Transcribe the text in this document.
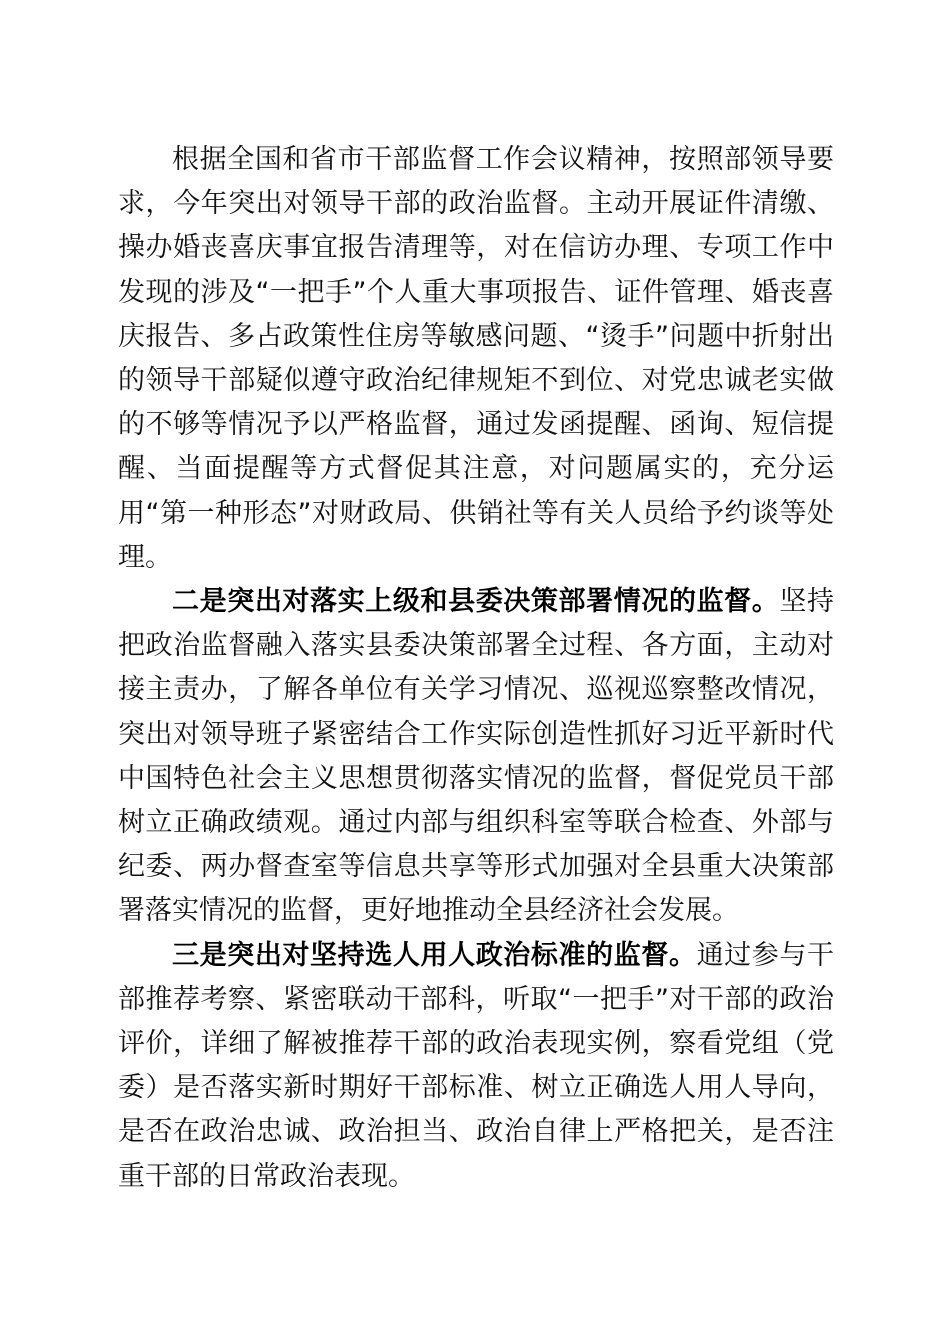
根据全国和省市干部监督工作会议精神，按照部领导要求，今年突出对领导干部的政治监督。主动开展证件清缴、操办婚丧喜庆事宜报告清理等，对在信访办理、专项工作中发现的涉及“一把手”个人重大事项报告、证件管理、婚丧喜庆报告、多占政策性住房等敏感问题、“烫手”问题中折射出的领导干部疑似遵守政治纪律规矩不到位、对党忠诚老实做的不够等情况予以严格监督，通过发函提醒、函询、短信提醒、当面提醒等方式督促其注意，对问题属实的，充分运用“第一种形态”对财政局、供销社等有关人员给予约谈等处理。

二是突出对落实上级和县委决策部署情况的监督。坚持把政治监督融入落实县委决策部署全过程、各方面，主动对接主责办，了解各单位有关学习情况、巡视巡察整改情况，突出对领导班子紧密结合工作实际创造性抓好习近平新时代中国特色社会主义思想贯彻落实情况的监督，督促党员干部树立正确政绩观。通过内部与组织科室等联合检查、外部与纪委、两办督查室等信息共享等形式加强对全县重大决策部署落实情况的监督，更好地推动全县经济社会发展。

三是突出对坚持选人用人政治标准的监督。通过参与干部推荐考察、紧密联动干部科，听取“一把手”对干部的政治评价，详细了解被推荐干部的政治表现实例，察看党组（党委）是否落实新时期好干部标准、树立正确选人用人导向，是否在政治忠诚、政治担当、政治自律上严格把关，是否注重干部的日常政治表现。
